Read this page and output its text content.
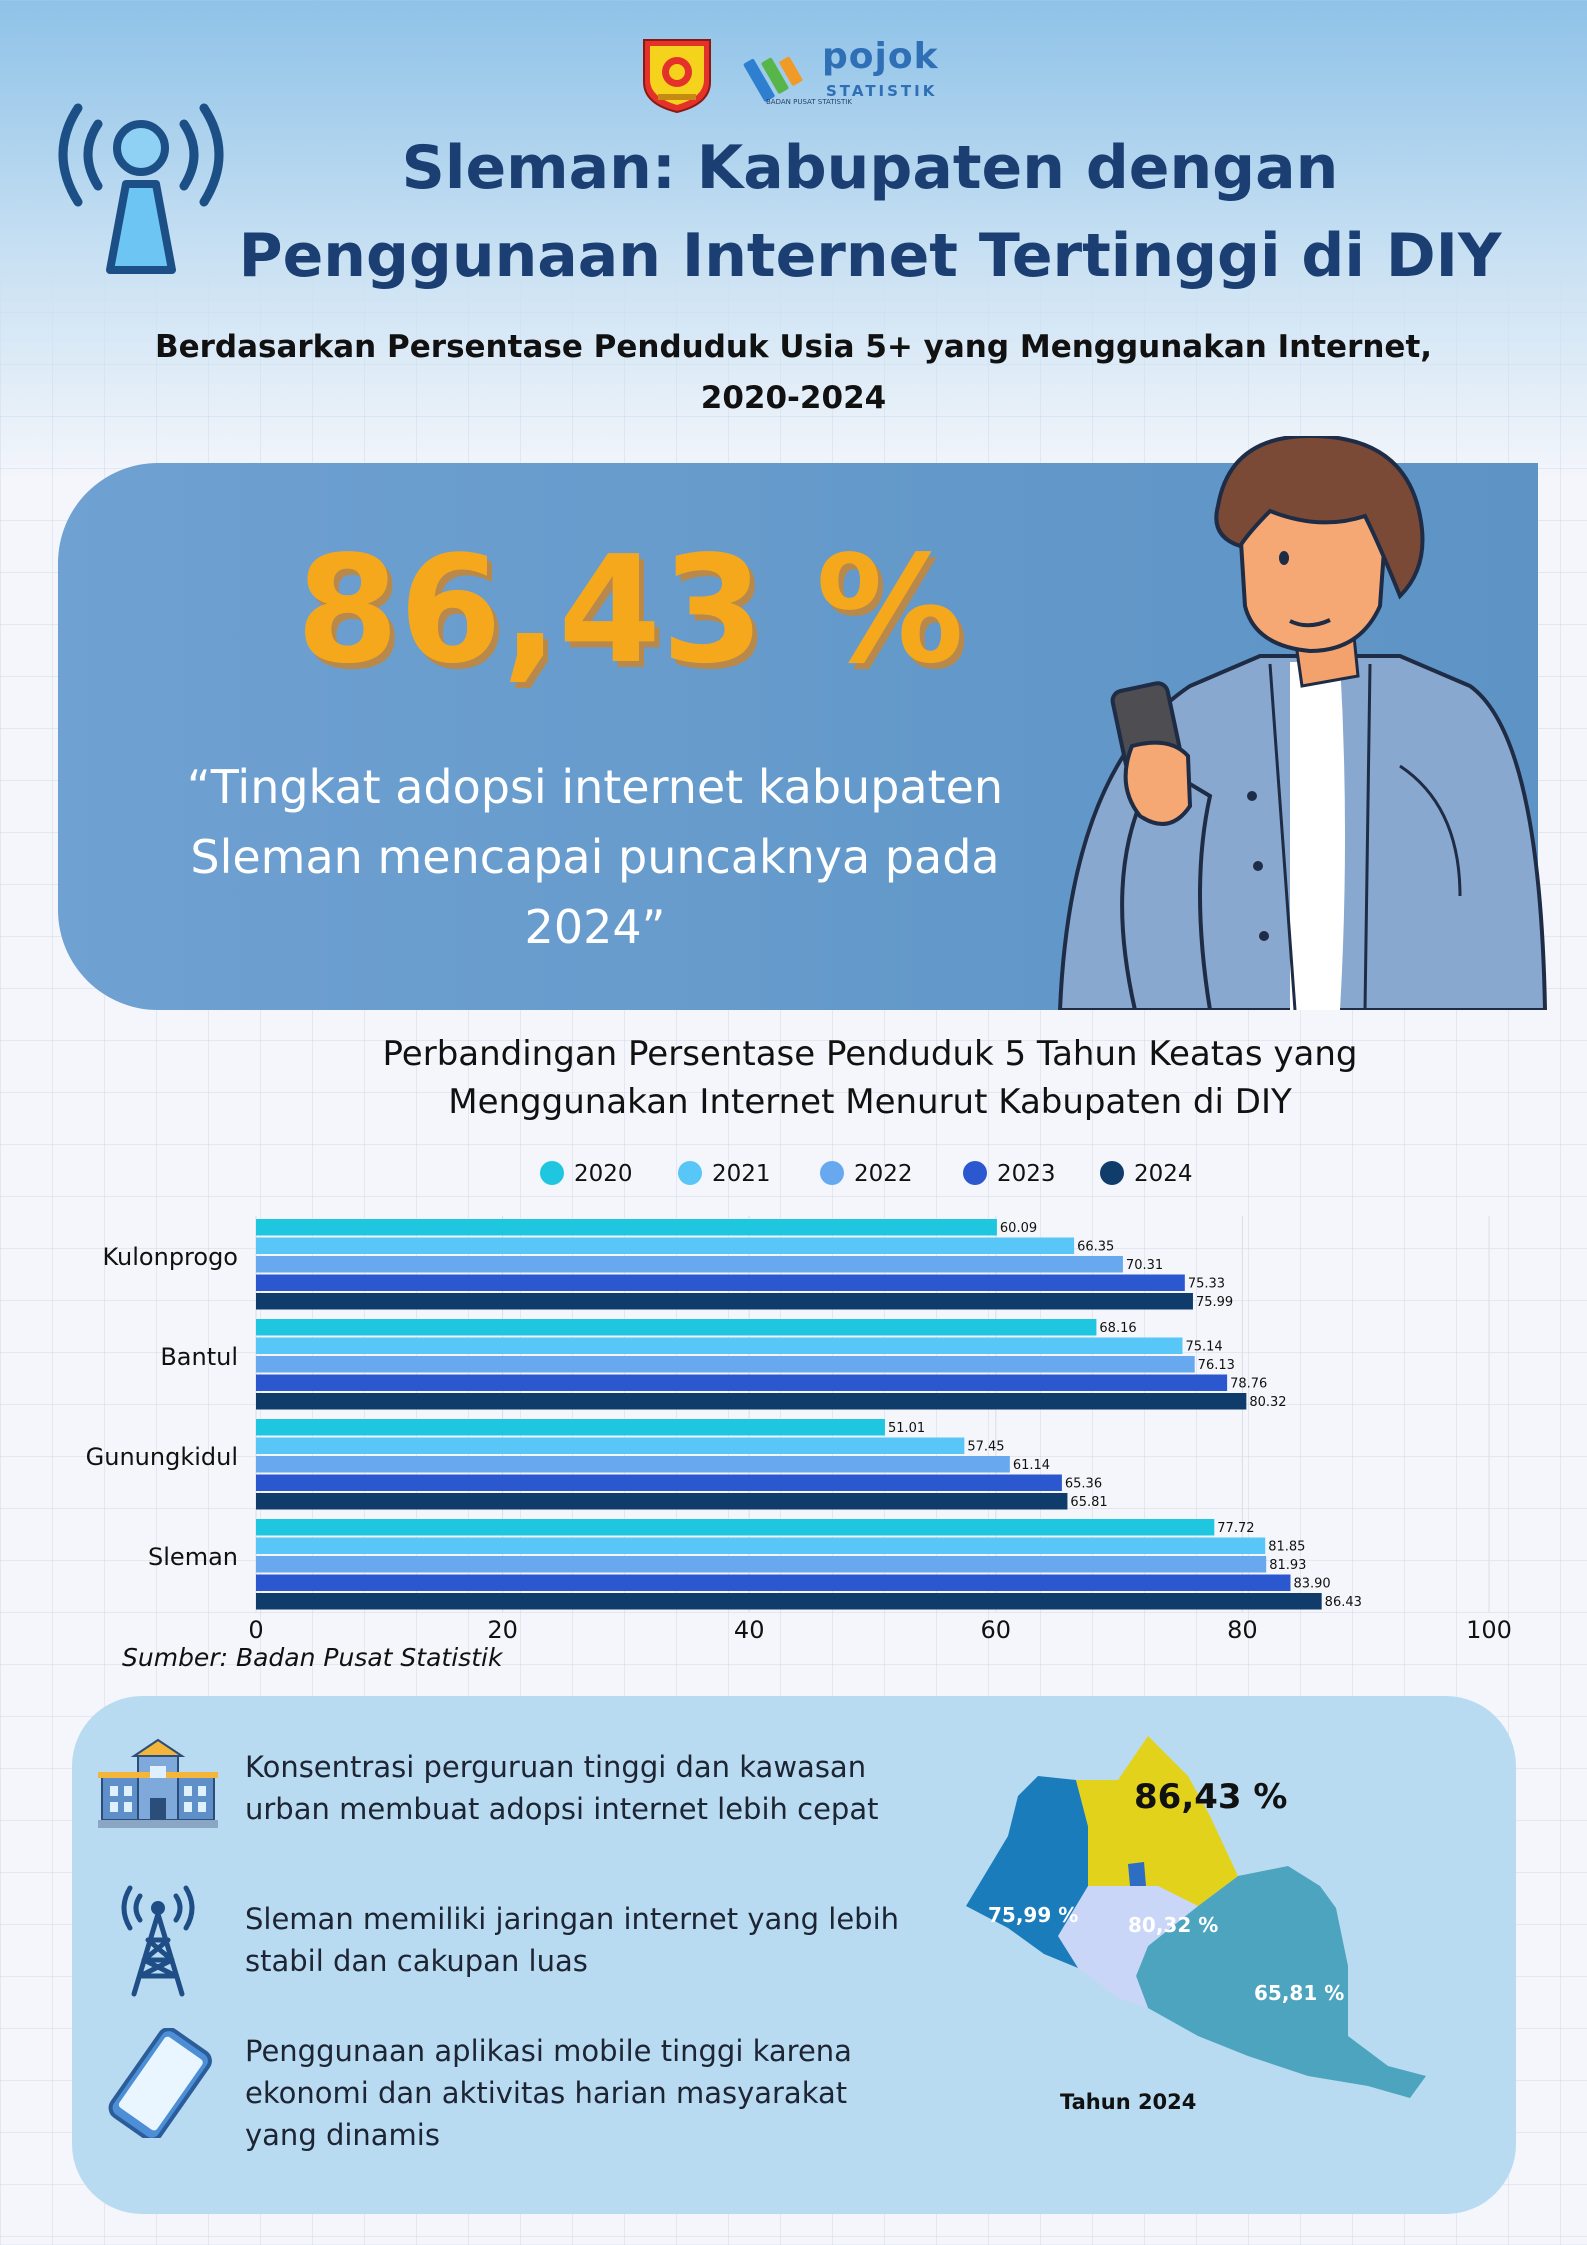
BADAN PUSAT STATISTIK
pojok
STATISTIK
Sleman: Kabupaten dengan
Penggunaan Internet Tertinggi di DIY
Berdasarkan Persentase Penduduk Usia 5+ yang Menggunakan Internet,
2020-2024
86,43 %
“Tingkat adopsi internet kabupaten Sleman mencapai puncaknya pada 2024”
Perbandingan Persentase Penduduk 5 Tahun Keatas yang
Menggunakan Internet Menurut Kabupaten di DIY
2020	2021	2022	2023	2024
60.09
66.35
70.31
75.33
75.99
68.16
75.14
76.13
78.76
80.32
51.01
57.45
61.14
65.36
65.81
77.72
81.85
81.93
83.90
86.43
0	20	40	60	80	100
Kulonprogo
Bantul
Gunungkidul
Sleman
Sumber: Badan Pusat Statistik
Konsentrasi perguruan tinggi dan kawasan urban membuat adopsi internet lebih cepat
Sleman memiliki jaringan internet yang lebih stabil dan cakupan luas
Penggunaan aplikasi mobile tinggi karena ekonomi dan aktivitas harian masyarakat yang dinamis
86,43 %
75,99 % 80,32 %
65,81 %
Tahun 2024
